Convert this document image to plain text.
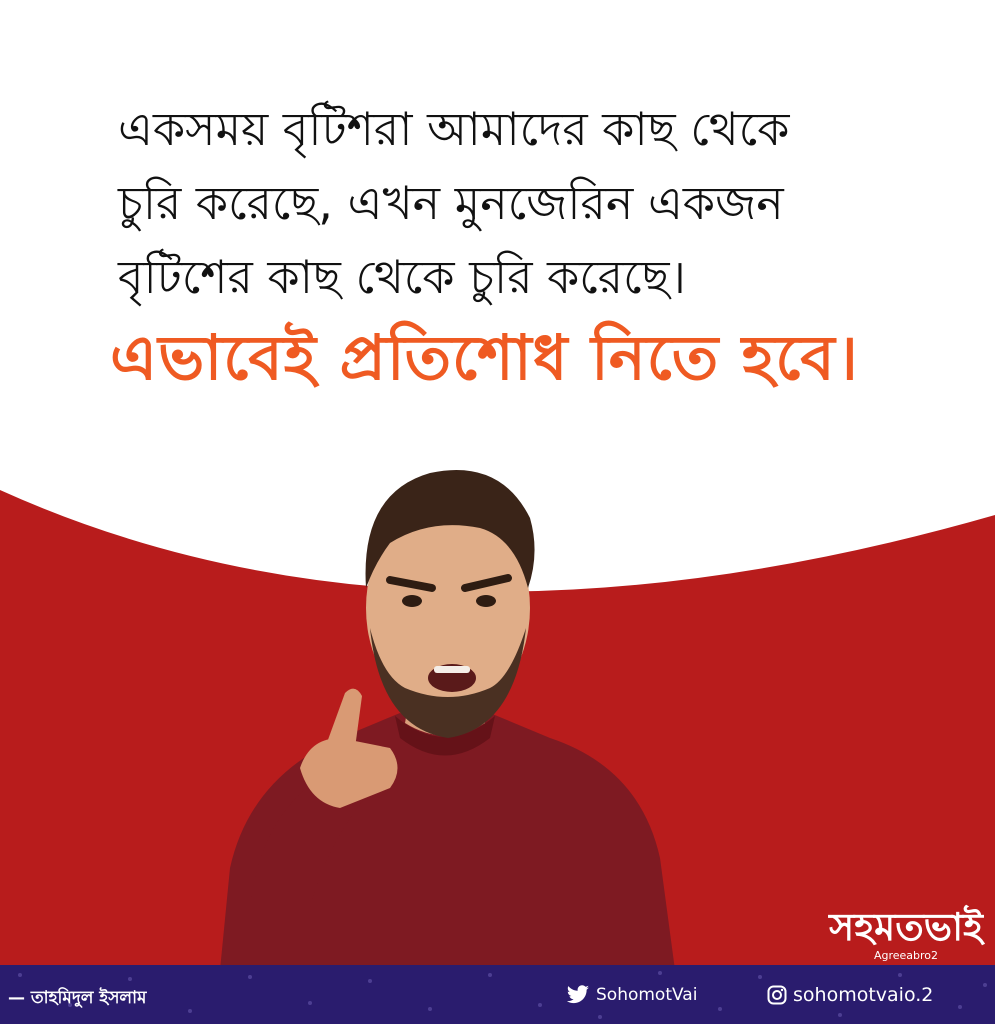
একসময় বৃটিশরা আমাদের কাছ থেকে
চুরি করেছে, এখন মুনজেরিন একজন
বৃটিশের কাছ থেকে চুরি করেছে।

এভাবেই প্রতিশোধ নিতে হবে।

সহমতভাই
Agreeabro2
— তাহমিদুল ইসলাম	SohomotVai	sohomotvaio.2
